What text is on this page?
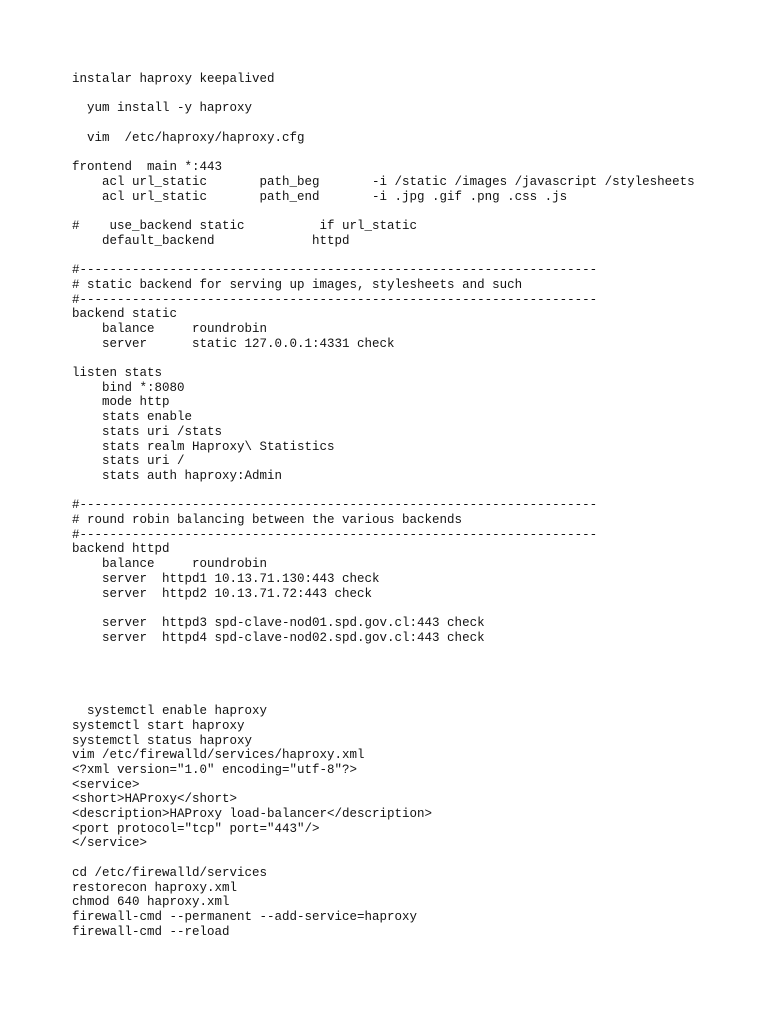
instalar haproxy keepalived
yum install -y haproxy
vim  /etc/haproxy/haproxy.cfg
frontend  main *:443
acl url_static       path_beg       -i /static /images /javascript /stylesheets
acl url_static       path_end       -i .jpg .gif .png .css .js
#    use_backend static          if url_static
default_backend             httpd
#---------------------------------------------------------------------
# static backend for serving up images, stylesheets and such
#---------------------------------------------------------------------
backend static
balance     roundrobin
server      static 127.0.0.1:4331 check
listen stats
bind *:8080
mode http
stats enable
stats uri /stats
stats realm Haproxy\ Statistics
stats uri /
stats auth haproxy:Admin
#---------------------------------------------------------------------
# round robin balancing between the various backends
#---------------------------------------------------------------------
backend httpd
balance     roundrobin
server  httpd1 10.13.71.130:443 check
server  httpd2 10.13.71.72:443 check
server  httpd3 spd-clave-nod01.spd.gov.cl:443 check
server  httpd4 spd-clave-nod02.spd.gov.cl:443 check
systemctl enable haproxy
systemctl start haproxy
systemctl status haproxy
vim /etc/firewalld/services/haproxy.xml
<?xml version="1.0" encoding="utf-8"?>
<service>
<short>HAProxy</short>
<description>HAProxy load-balancer</description>
<port protocol="tcp" port="443"/>
</service>
cd /etc/firewalld/services
restorecon haproxy.xml
chmod 640 haproxy.xml
firewall-cmd --permanent --add-service=haproxy
firewall-cmd --reload
